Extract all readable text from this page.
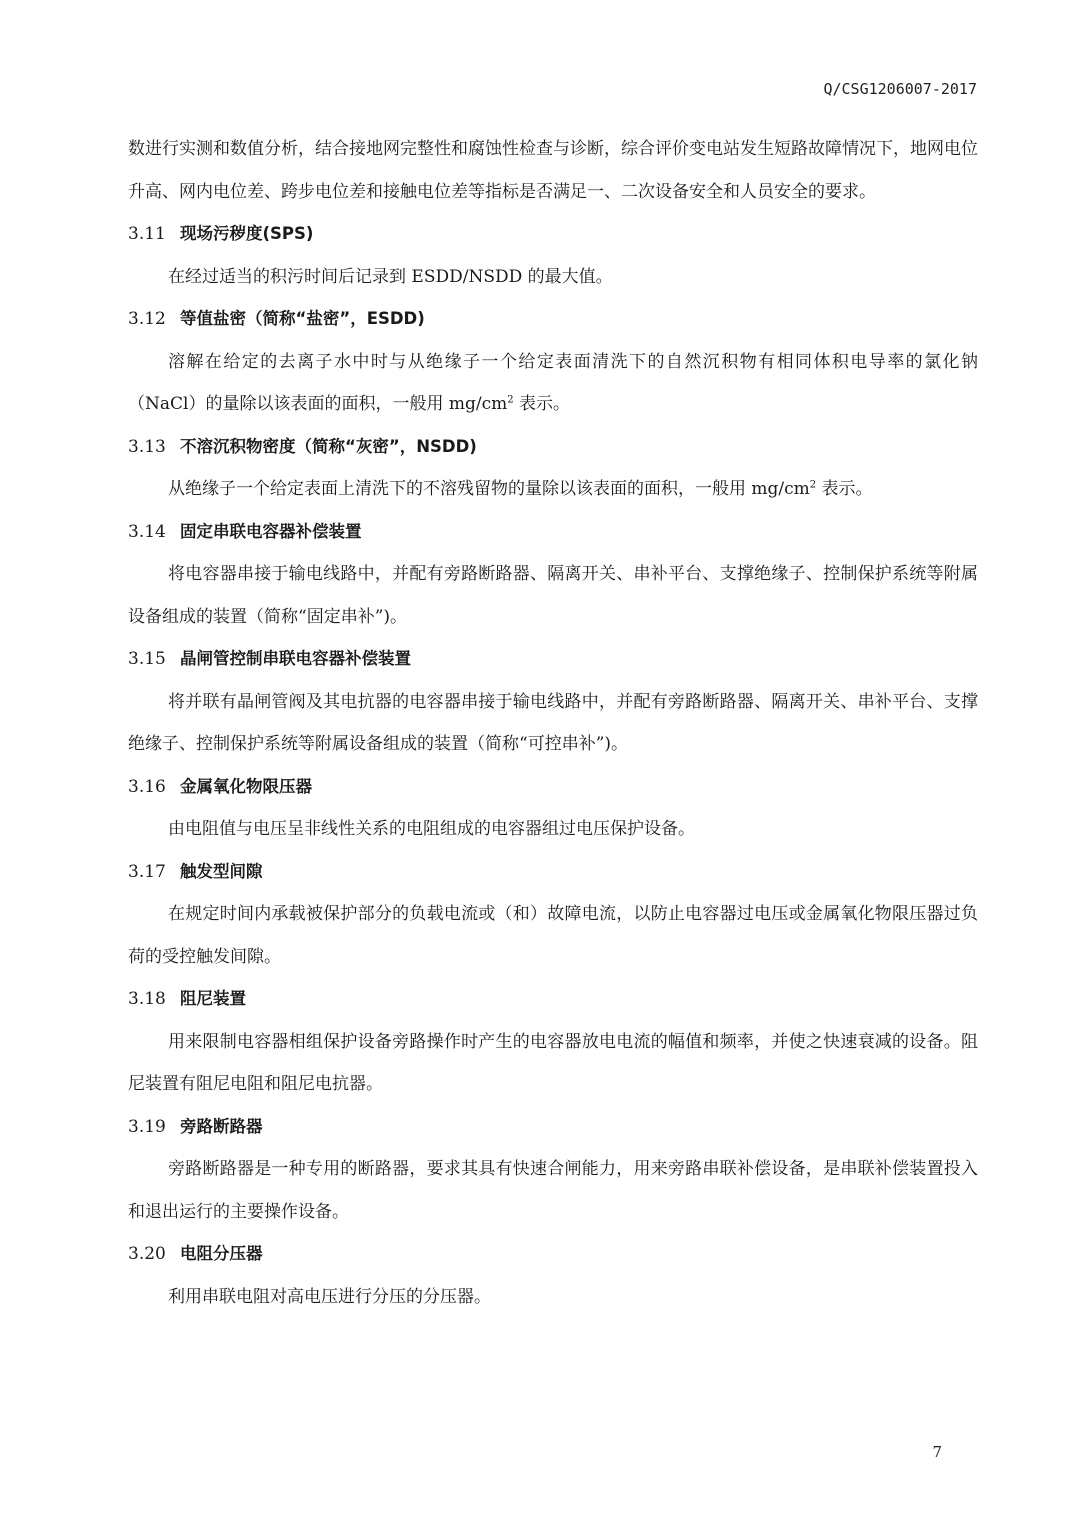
Q/CSG1206007-2017

数进行实测和数值分析，结合接地网完整性和腐蚀性检查与诊断，综合评价变电站发生短路故障情况下，地网电位升高、网内电位差、跨步电位差和接触电位差等指标是否满足一、二次设备安全和人员安全的要求。

3.11 现场污秽度(SPS)

在经过适当的积污时间后记录到 ESDD/NSDD 的最大值。

3.12 等值盐密（简称“盐密”，ESDD)

溶解在给定的去离子水中时与从绝缘子一个给定表面清洗下的自然沉积物有相同体积电导率的氯化钠（NaCl）的量除以该表面的面积，一般用 $mg/cm^2$ 表示。

3.13 不溶沉积物密度（简称“灰密”，NSDD)

从绝缘子一个给定表面上清洗下的不溶残留物的量除以该表面的面积，一般用 $mg/cm^2$ 表示。

3.14 固定串联电容器补偿装置

将电容器串接于输电线路中，并配有旁路断路器、隔离开关、串补平台、支撑绝缘子、控制保护系统等附属设备组成的装置（简称“固定串补”)。

3.15 晶闸管控制串联电容器补偿装置

将并联有晶闸管阀及其电抗器的电容器串接于输电线路中，并配有旁路断路器、隔离开关、串补平台、支撑绝缘子、控制保护系统等附属设备组成的装置（简称“可控串补”)。

3.16 金属氧化物限压器

由电阻值与电压呈非线性关系的电阻组成的电容器组过电压保护设备。

3.17 触发型间隙

在规定时间内承载被保护部分的负载电流或（和）故障电流，以防止电容器过电压或金属氧化物限压器过负荷的受控触发间隙。

3.18 阻尼装置

用来限制电容器相组保护设备旁路操作时产生的电容器放电电流的幅值和频率，并使之快速衰减的设备。阻尼装置有阻尼电阻和阻尼电抗器。

3.19 旁路断路器

旁路断路器是一种专用的断路器，要求其具有快速合闸能力，用来旁路串联补偿设备，是串联补偿装置投入和退出运行的主要操作设备。

3.20 电阻分压器

利用串联电阻对高电压进行分压的分压器。

7
